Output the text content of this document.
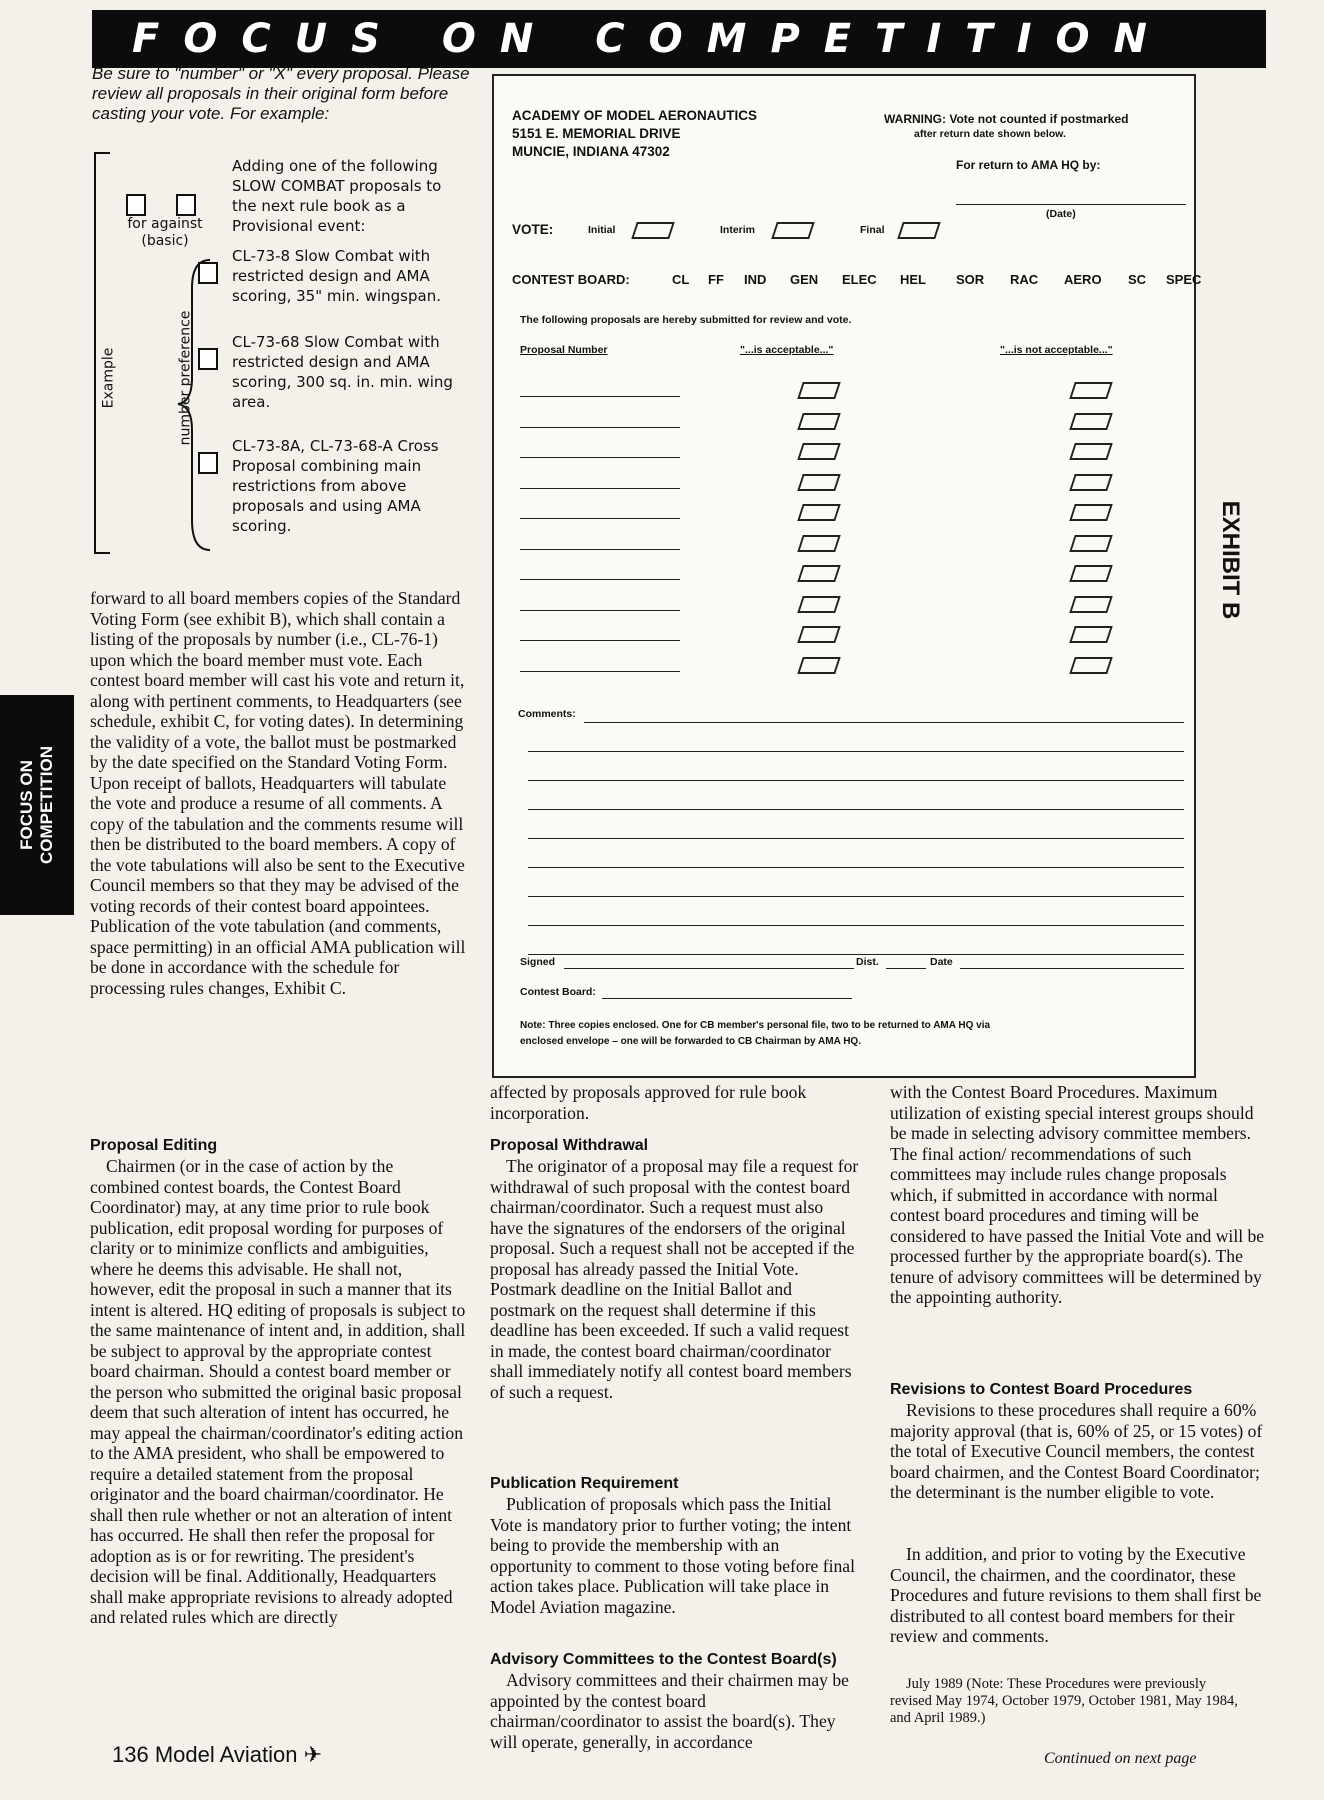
FOCUS ON COMPETITION
FOCUS ON
COMPETITION
Be sure to "number" or "X" every proposal. Please review all proposals in their original form before casting your vote. For example:
for against
(basic)
Adding one of the following SLOW COMBAT proposals to the next rule book as a Provisional event:
Example	number preference
CL-73-8 Slow Combat with restricted design and AMA scoring, 35" min. wingspan.
CL-73-68 Slow Combat with restricted design and AMA scoring, 300 sq. in. min. wing area.
CL-73-8A, CL-73-68-A Cross Proposal combining main restrictions from above proposals and using AMA scoring.
ACADEMY OF MODEL AERONAUTICS
5151 E. MEMORIAL DRIVE
MUNCIE, INDIANA 47302
WARNING: Vote not counted if postmarked
after return date shown below.
For return to AMA HQ by:
(Date)
VOTE:	Initial	Interim	Final
CONTEST BOARD:	CL FF IND GEN ELEC HEL SOR RAC AERO SC SPEC
The following proposals are hereby submitted for review and vote.
Proposal Number	"...is acceptable..."	"...is not acceptable..."
Comments:
Signed	Dist.	Date
Contest Board:
Note: Three copies enclosed. One for CB member's personal file, two to be returned to AMA HQ via
enclosed envelope – one will be forwarded to CB Chairman by AMA HQ.
EXHIBIT B
forward to all board members copies of the Standard Voting Form (see exhibit B), which shall contain a listing of the proposals by number (i.e., CL-76-1) upon which the board member must vote. Each contest board member will cast his vote and return it, along with pertinent comments, to Headquarters (see schedule, exhibit C, for voting dates). In determining the validity of a vote, the ballot must be postmarked by the date specified on the Standard Voting Form. Upon receipt of ballots, Headquarters will tabulate the vote and produce a resume of all comments. A copy of the tabulation and the comments resume will then be distributed to the board members. A copy of the vote tabulations will also be sent to the Executive Council members so that they may be advised of the voting records of their contest board appointees. Publication of the vote tabulation (and comments, space permitting) in an official AMA publication will be done in accordance with the schedule for processing rules changes, Exhibit C.
Proposal Editing
Chairmen (or in the case of action by the combined contest boards, the Contest Board Coordinator) may, at any time prior to rule book publication, edit proposal wording for purposes of clarity or to minimize conflicts and ambiguities, where he deems this advisable. He shall not, however, edit the proposal in such a manner that its intent is altered. HQ editing of proposals is subject to the same maintenance of intent and, in addition, shall be subject to approval by the appropriate contest board chairman. Should a contest board member or the person who submitted the original basic proposal deem that such alteration of intent has occurred, he may appeal the chairman/coordinator's editing action to the AMA president, who shall be empowered to require a detailed statement from the proposal originator and the board chairman/coordinator. He shall then rule whether or not an alteration of intent has occurred. He shall then refer the proposal for adoption as is or for rewriting. The president's decision will be final. Additionally, Headquarters shall make appropriate revisions to already adopted and related rules which are directly
affected by proposals approved for rule book incorporation.
Proposal Withdrawal
The originator of a proposal may file a request for withdrawal of such proposal with the contest board chairman/coordinator. Such a request must also have the signatures of the endorsers of the original proposal. Such a request shall not be accepted if the proposal has already passed the Initial Vote. Postmark deadline on the Initial Ballot and postmark on the request shall determine if this deadline has been exceeded. If such a valid request in made, the contest board chairman/coordinator shall immediately notify all contest board members of such a request.
Publication Requirement
Publication of proposals which pass the Initial Vote is mandatory prior to further voting; the intent being to provide the membership with an opportunity to comment to those voting before final action takes place. Publication will take place in Model Aviation magazine.
Advisory Committees to the Contest Board(s)
Advisory committees and their chairmen may be appointed by the contest board chairman/coordinator to assist the board(s). They will operate, generally, in accordance
with the Contest Board Procedures. Maximum utilization of existing special interest groups should be made in selecting advisory committee members. The final action/ recommendations of such committees may include rules change proposals which, if submitted in accordance with normal contest board procedures and timing will be considered to have passed the Initial Vote and will be processed further by the appropriate board(s). The tenure of advisory committees will be determined by the appointing authority.
Revisions to Contest Board Procedures
Revisions to these procedures shall require a 60% majority approval (that is, 60% of 25, or 15 votes) of the total of Executive Council members, the contest board chairmen, and the Contest Board Coordinator; the determinant is the number eligible to vote.
In addition, and prior to voting by the Executive Council, the chairmen, and the coordinator, these Procedures and future revisions to them shall first be distributed to all contest board members for their review and comments.
July 1989 (Note: These Procedures were previously revised May 1974, October 1979, October 1981, May 1984, and April 1989.)
136 Model Aviation ✈	Continued on next page
